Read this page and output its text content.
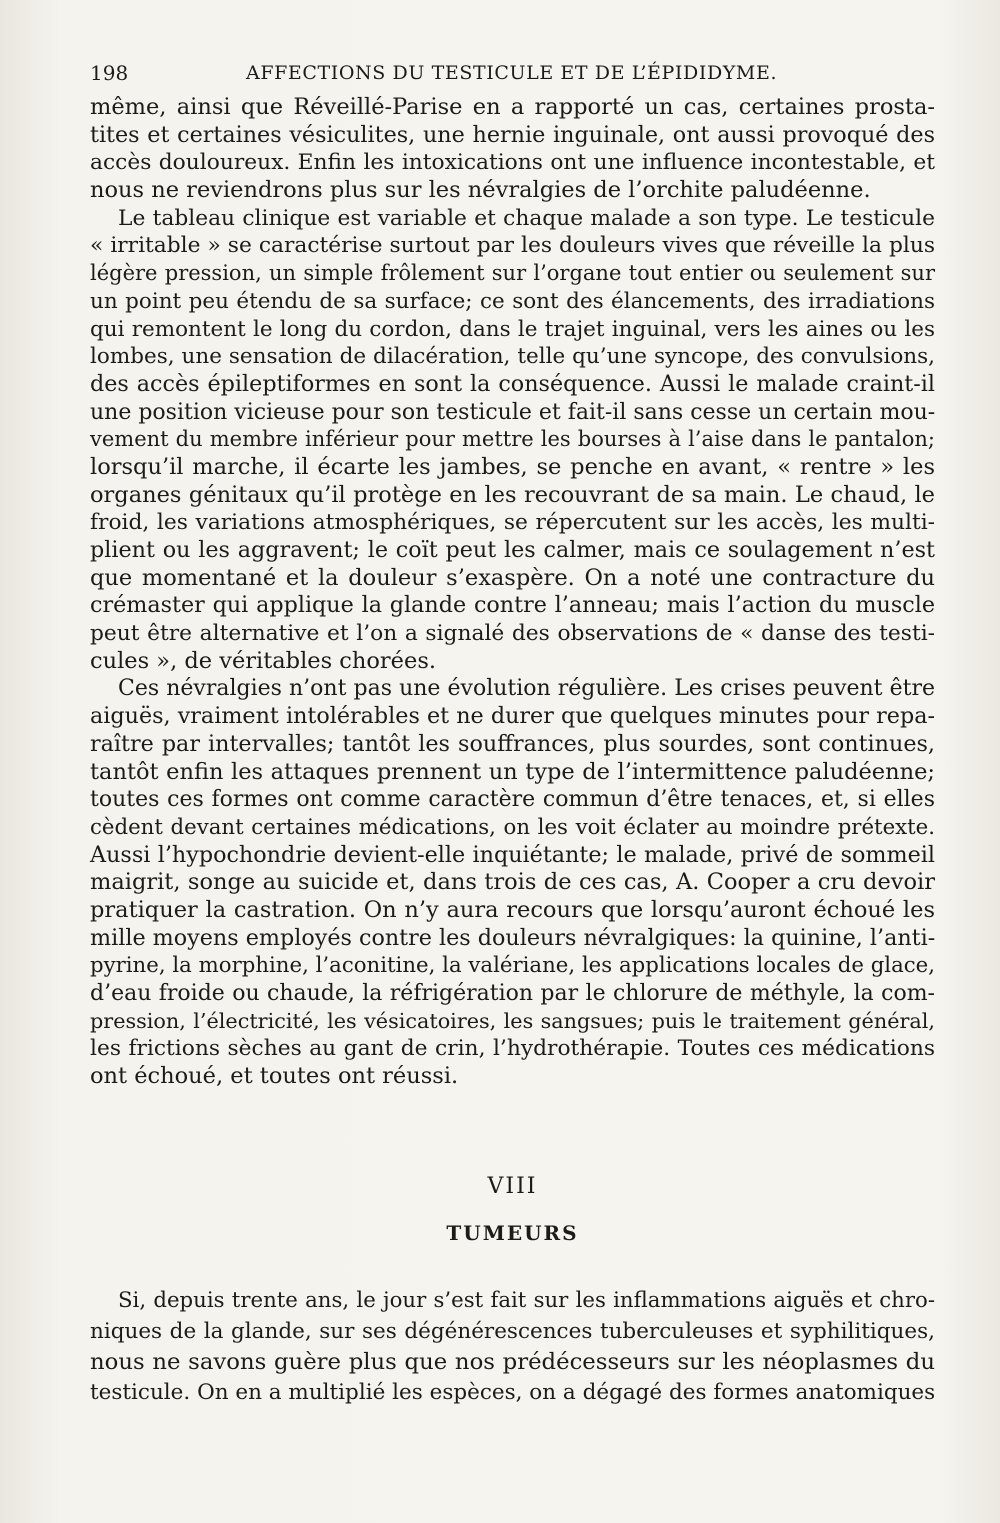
198	AFFECTIONS DU TESTICULE ET DE L’ÉPIDIDYME.
même, ainsi que Réveillé-Parise en a rapporté un cas, certaines prosta-
tites et certaines vésiculites, une hernie inguinale, ont aussi provoqué des
accès douloureux. Enfin les intoxications ont une influence incontestable, et
nous ne reviendrons plus sur les névralgies de l’orchite paludéenne.
Le tableau clinique est variable et chaque malade a son type. Le testicule
« irritable » se caractérise surtout par les douleurs vives que réveille la plus
légère pression, un simple frôlement sur l’organe tout entier ou seulement sur
un point peu étendu de sa surface; ce sont des élancements, des irradiations
qui remontent le long du cordon, dans le trajet inguinal, vers les aines ou les
lombes, une sensation de dilacération, telle qu’une syncope, des convulsions,
des accès épileptiformes en sont la conséquence. Aussi le malade craint-il
une position vicieuse pour son testicule et fait-il sans cesse un certain mou-
vement du membre inférieur pour mettre les bourses à l’aise dans le pantalon;
lorsqu’il marche, il écarte les jambes, se penche en avant, « rentre » les
organes génitaux qu’il protège en les recouvrant de sa main. Le chaud, le
froid, les variations atmosphériques, se répercutent sur les accès, les multi-
plient ou les aggravent; le coït peut les calmer, mais ce soulagement n’est
que momentané et la douleur s’exaspère. On a noté une contracture du
crémaster qui applique la glande contre l’anneau; mais l’action du muscle
peut être alternative et l’on a signalé des observations de « danse des testi-
cules », de véritables chorées.
Ces névralgies n’ont pas une évolution régulière. Les crises peuvent être
aiguës, vraiment intolérables et ne durer que quelques minutes pour repa-
raître par intervalles; tantôt les souffrances, plus sourdes, sont continues,
tantôt enfin les attaques prennent un type de l’intermittence paludéenne;
toutes ces formes ont comme caractère commun d’être tenaces, et, si elles
cèdent devant certaines médications, on les voit éclater au moindre prétexte.
Aussi l’hypochondrie devient-elle inquiétante; le malade, privé de sommeil
maigrit, songe au suicide et, dans trois de ces cas, A. Cooper a cru devoir
pratiquer la castration. On n’y aura recours que lorsqu’auront échoué les
mille moyens employés contre les douleurs névralgiques: la quinine, l’anti-
pyrine, la morphine, l’aconitine, la valériane, les applications locales de glace,
d’eau froide ou chaude, la réfrigération par le chlorure de méthyle, la com-
pression, l’électricité, les vésicatoires, les sangsues; puis le traitement général,
les frictions sèches au gant de crin, l’hydrothérapie. Toutes ces médications
ont échoué, et toutes ont réussi.
VIII
TUMEURS
Si, depuis trente ans, le jour s’est fait sur les inflammations aiguës et chro-
niques de la glande, sur ses dégénérescences tuberculeuses et syphilitiques,
nous ne savons guère plus que nos prédécesseurs sur les néoplasmes du
testicule. On en a multiplié les espèces, on a dégagé des formes anatomiques
